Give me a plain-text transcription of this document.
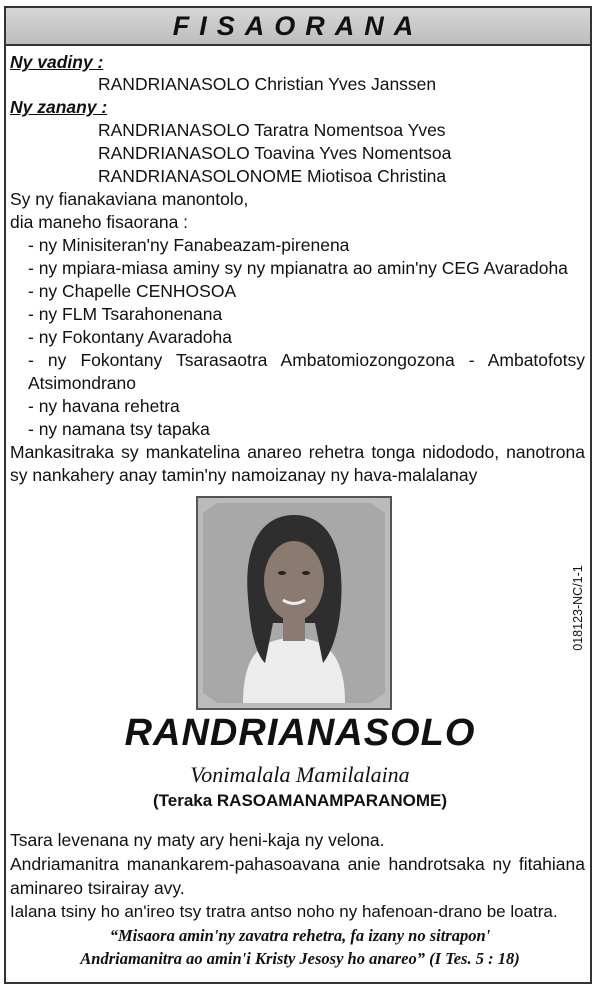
FISAORANA
Ny vadiny :
RANDRIANASOLO Christian Yves Janssen
Ny zanany :
RANDRIANASOLO Taratra Nomentsoa Yves
RANDRIANASOLO Toavina Yves Nomentsoa
RANDRIANASOLONOME Miotisoa Christina
Sy ny fianakaviana manontolo,
dia maneho fisaorana :
- ny Minisiteran'ny Fanabeazam-pirenena
- ny mpiara-miasa aminy sy ny mpianatra ao amin'ny CEG Avaradoha
- ny Chapelle CENHOSOA
- ny FLM Tsarahonenana
- ny Fokontany Avaradoha
- ny Fokontany Tsarasaotra Ambatomiozongozona - Ambatofotsy
Atsimondrano
- ny havana rehetra
- ny namana tsy tapaka
Mankasitraka sy mankatelina anareo rehetra tonga nidododo, nanotrona
sy nankahery anay tamin'ny namoizanay ny hava-malalanay
018123-NC/1-1
RANDRIANASOLO
Vonimalala Mamilalaina
(Teraka RASOAMANAMPARANOME)
Tsara levenana ny maty ary heni-kaja ny velona.
Andriamanitra manankarem-pahasoavana anie handrotsaka ny fitahiana
aminareo tsirairay avy.
Ialana tsiny ho an'ireo tsy tratra antso noho ny hafenoan-drano be loatra.
“Misaora amin'ny zavatra rehetra, fa izany no sitrapon'
Andriamanitra ao amin'i Kristy Jesosy ho anareo” (I Tes. 5 : 18)
